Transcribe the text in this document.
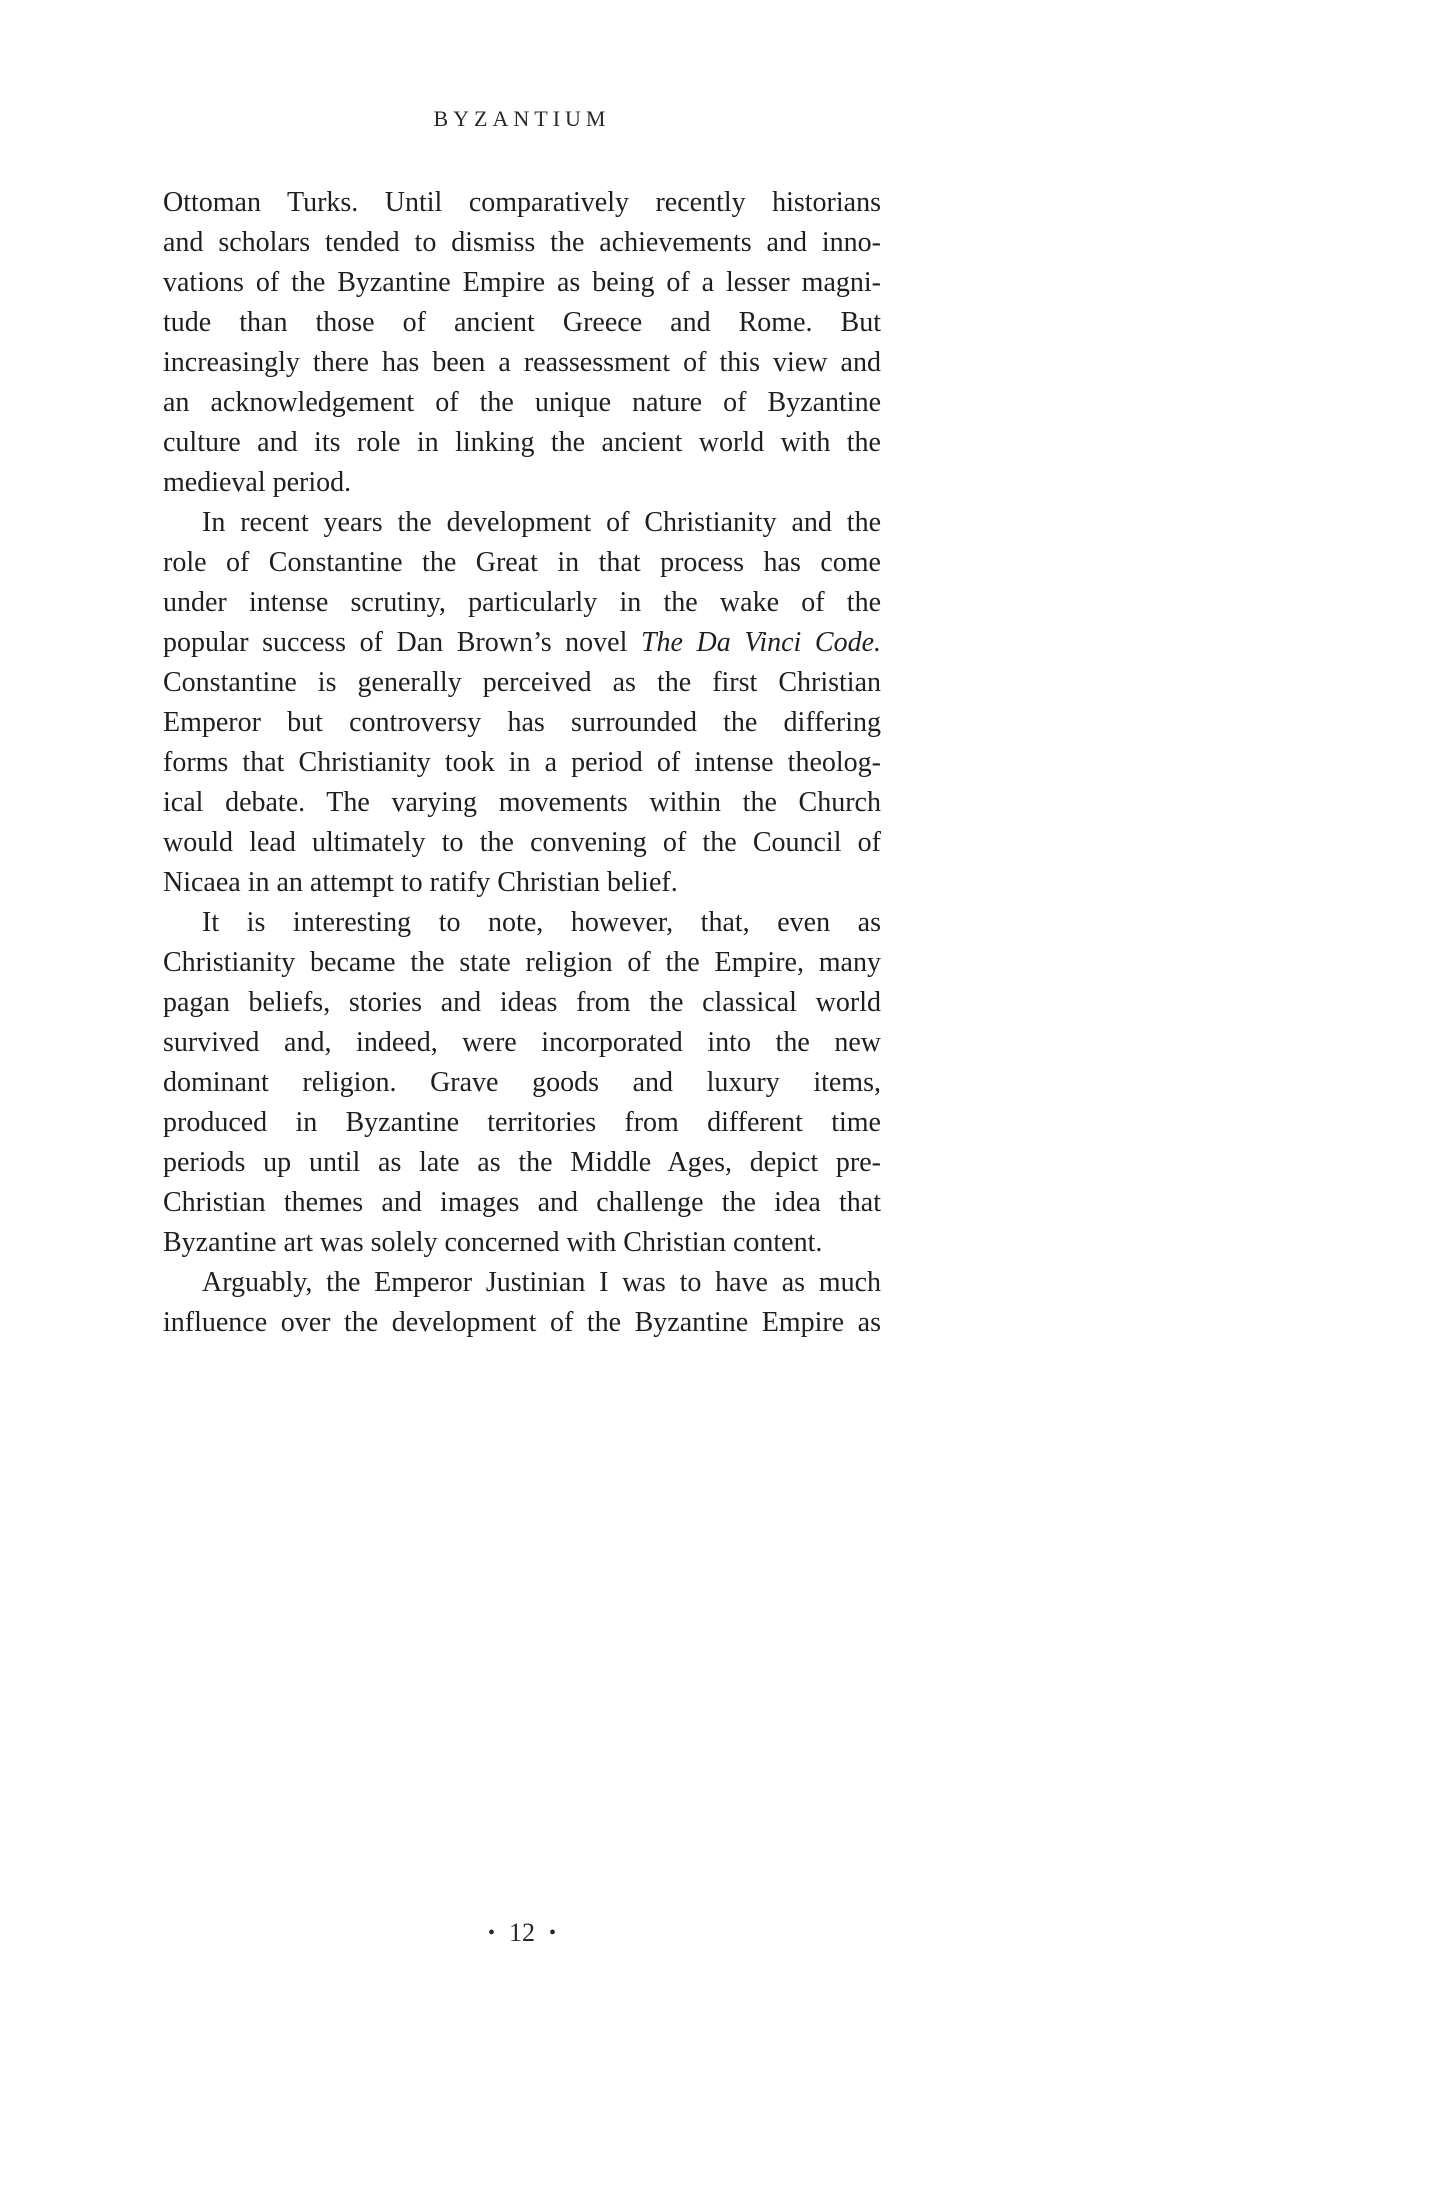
BYZANTIUM
Ottoman Turks. Until comparatively recently historians
and scholars tended to dismiss the achievements and inno-
vations of the Byzantine Empire as being of a lesser magni-
tude than those of ancient Greece and Rome. But
increasingly there has been a reassessment of this view and
an acknowledgement of the unique nature of Byzantine
culture and its role in linking the ancient world with the
medieval period.
In recent years the development of Christianity and the
role of Constantine the Great in that process has come
under intense scrutiny, particularly in the wake of the
popular success of Dan Brown’s novel The Da Vinci Code.
Constantine is generally perceived as the first Christian
Emperor but controversy has surrounded the differing
forms that Christianity took in a period of intense theolog-
ical debate. The varying movements within the Church
would lead ultimately to the convening of the Council of
Nicaea in an attempt to ratify Christian belief.
It is interesting to note, however, that, even as
Christianity became the state religion of the Empire, many
pagan beliefs, stories and ideas from the classical world
survived and, indeed, were incorporated into the new
dominant religion. Grave goods and luxury items,
produced in Byzantine territories from different time
periods up until as late as the Middle Ages, depict pre-
Christian themes and images and challenge the idea that
Byzantine art was solely concerned with Christian content.
Arguably, the Emperor Justinian I was to have as much
influence over the development of the Byzantine Empire as
• 12 •
